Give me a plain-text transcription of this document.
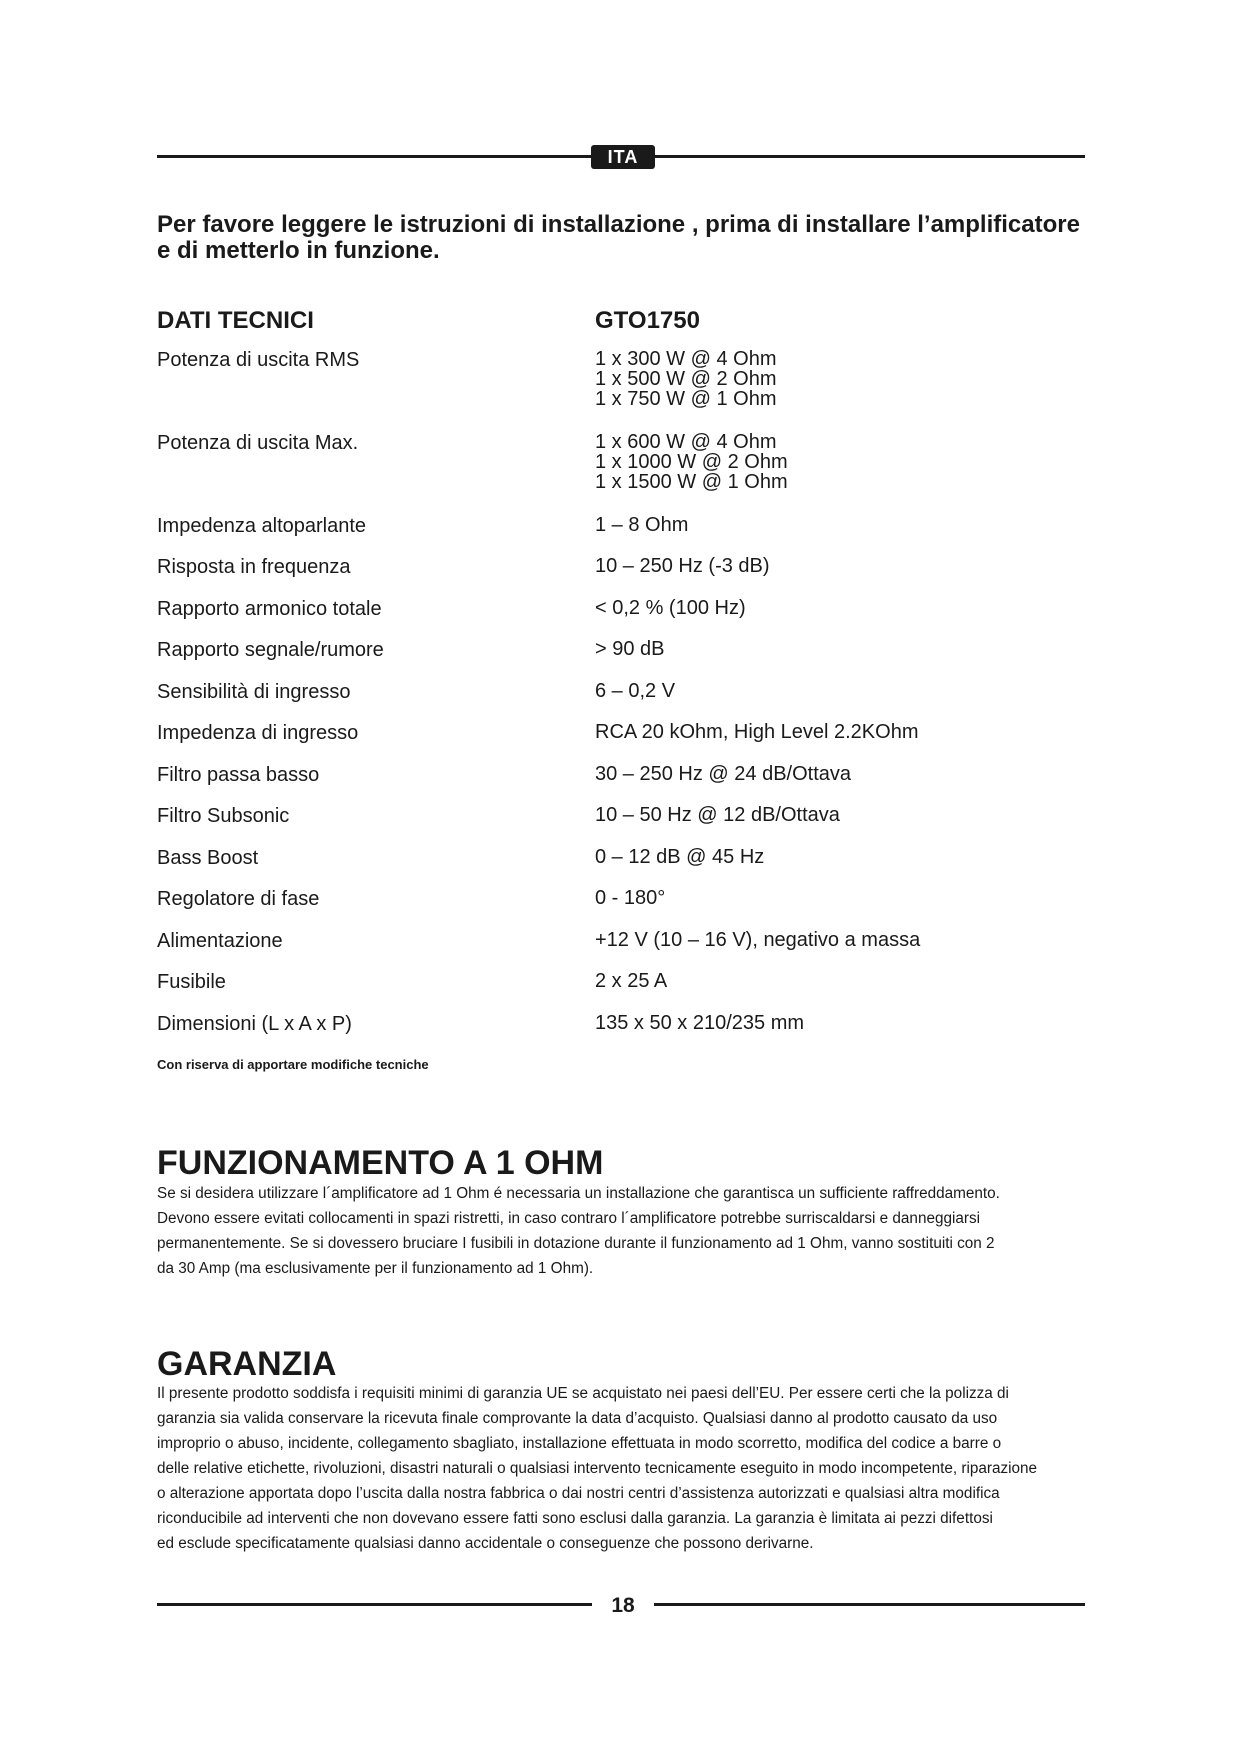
ITA
Per favore leggere le istruzioni di installazione , prima di installare l’amplificatore e di metterlo in funzione.
DATI TECNICI	GTO1750
Potenza di uscita RMS	1 x 300 W @ 4 Ohm
1 x 500 W @ 2 Ohm
1 x 750 W @ 1 Ohm
Potenza di uscita Max.	1 x 600 W @ 4 Ohm
1 x 1000 W @ 2 Ohm
1 x 1500 W @ 1 Ohm
Impedenza altoparlante	1 – 8 Ohm
Risposta in frequenza	10 – 250 Hz (-3 dB)
Rapporto armonico totale	< 0,2 % (100 Hz)
Rapporto segnale/rumore	> 90 dB
Sensibilità di ingresso	6 – 0,2 V
Impedenza di ingresso	RCA 20 kOhm, High Level 2.2KOhm
Filtro passa basso	30 – 250 Hz @ 24 dB/Ottava
Filtro Subsonic	10 – 50 Hz @ 12 dB/Ottava
Bass Boost	0 – 12 dB @ 45 Hz
Regolatore di fase	0 - 180°
Alimentazione	+12 V (10 – 16 V), negativo a massa
Fusibile	2 x 25 A
Dimensioni (L x A x P)	135 x 50 x 210/235 mm
Con riserva di apportare modifiche tecniche
FUNZIONAMENTO A 1 OHM
Se si desidera utilizzare l´amplificatore ad 1 Ohm é necessaria un installazione che garantisca un sufficiente raffreddamento.
Devono essere evitati collocamenti in spazi ristretti, in caso contraro l´amplificatore potrebbe surriscaldarsi e danneggiarsi
permanentemente. Se si dovessero bruciare I fusibili in dotazione durante il funzionamento ad 1 Ohm, vanno sostituiti con 2
da 30 Amp (ma esclusivamente per il funzionamento ad 1 Ohm).
GARANZIA
Il presente prodotto soddisfa i requisiti minimi di garanzia UE se acquistato nei paesi dell’EU. Per essere certi che la polizza di
garanzia sia valida conservare la ricevuta finale comprovante la data d’acquisto. Qualsiasi danno al prodotto causato da uso
improprio o abuso, incidente, collegamento sbagliato, installazione effettuata in modo scorretto, modifica del codice a barre o
delle relative etichette, rivoluzioni, disastri naturali o qualsiasi intervento tecnicamente eseguito in modo incompetente, riparazione
o alterazione apportata dopo l’uscita dalla nostra fabbrica o dai nostri centri d’assistenza autorizzati e qualsiasi altra modifica
riconducibile ad interventi che non dovevano essere fatti sono esclusi dalla garanzia. La garanzia è limitata ai pezzi difettosi
ed esclude specificatamente qualsiasi danno accidentale o conseguenze che possono derivarne.
18
